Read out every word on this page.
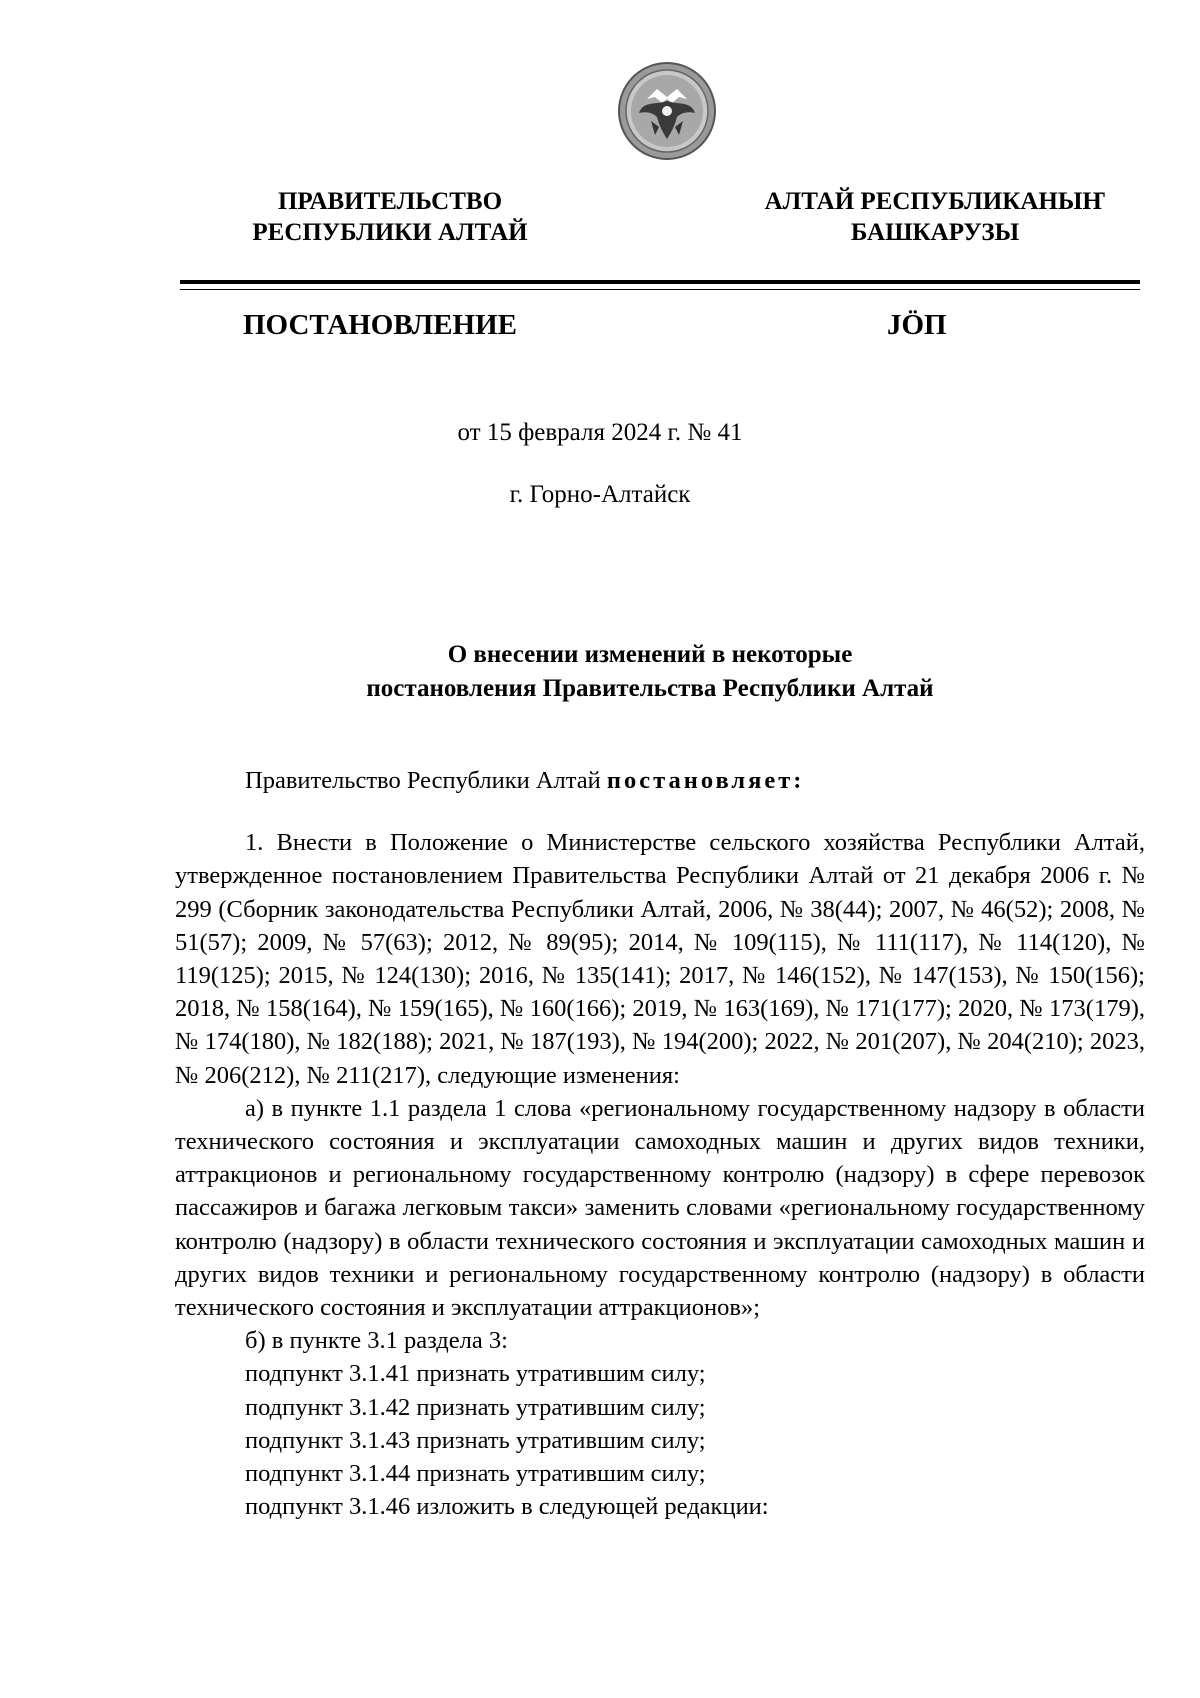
ПРАВИТЕЛЬСТВО
РЕСПУБЛИКИ АЛТАЙ
АЛТАЙ РЕСПУБЛИКАНЫҤ
БАШКАРУЗЫ
ПОСТАНОВЛЕНИЕ	JÖП
от 15 февраля 2024 г. № 41
г. Горно-Алтайск
О внесении изменений в некоторые
постановления Правительства Республики Алтай

Правительство Республики Алтай постановляет:

1. Внести в Положение о Министерстве сельского хозяйства Республики Алтай, утвержденное постановлением Правительства Республики Алтай от 21 декабря 2006 г. № 299 (Сборник законодательства Республики Алтай, 2006, № 38(44); 2007, № 46(52); 2008, № 51(57); 2009, № 57(63); 2012, № 89(95); 2014, № 109(115), № 111(117), № 114(120), № 119(125); 2015, № 124(130); 2016, № 135(141); 2017, № 146(152), № 147(153), № 150(156); 2018, № 158(164), № 159(165), № 160(166); 2019, № 163(169), № 171(177); 2020, № 173(179), № 174(180), № 182(188); 2021, № 187(193), № 194(200); 2022, № 201(207), № 204(210); 2023, № 206(212), № 211(217), следующие изменения:

а) в пункте 1.1 раздела 1 слова «региональному государственному надзору в области технического состояния и эксплуатации самоходных машин и других видов техники, аттракционов и региональному государственному контролю (надзору) в сфере перевозок пассажиров и багажа легковым такси» заменить словами «региональному государственному контролю (надзору) в области технического состояния и эксплуатации самоходных машин и других видов техники и региональному государственному контролю (надзору) в области технического состояния и эксплуатации аттракционов»;

б) в пункте 3.1 раздела 3:

подпункт 3.1.41 признать утратившим силу;

подпункт 3.1.42 признать утратившим силу;

подпункт 3.1.43 признать утратившим силу;

подпункт 3.1.44 признать утратившим силу;

подпункт 3.1.46 изложить в следующей редакции:
